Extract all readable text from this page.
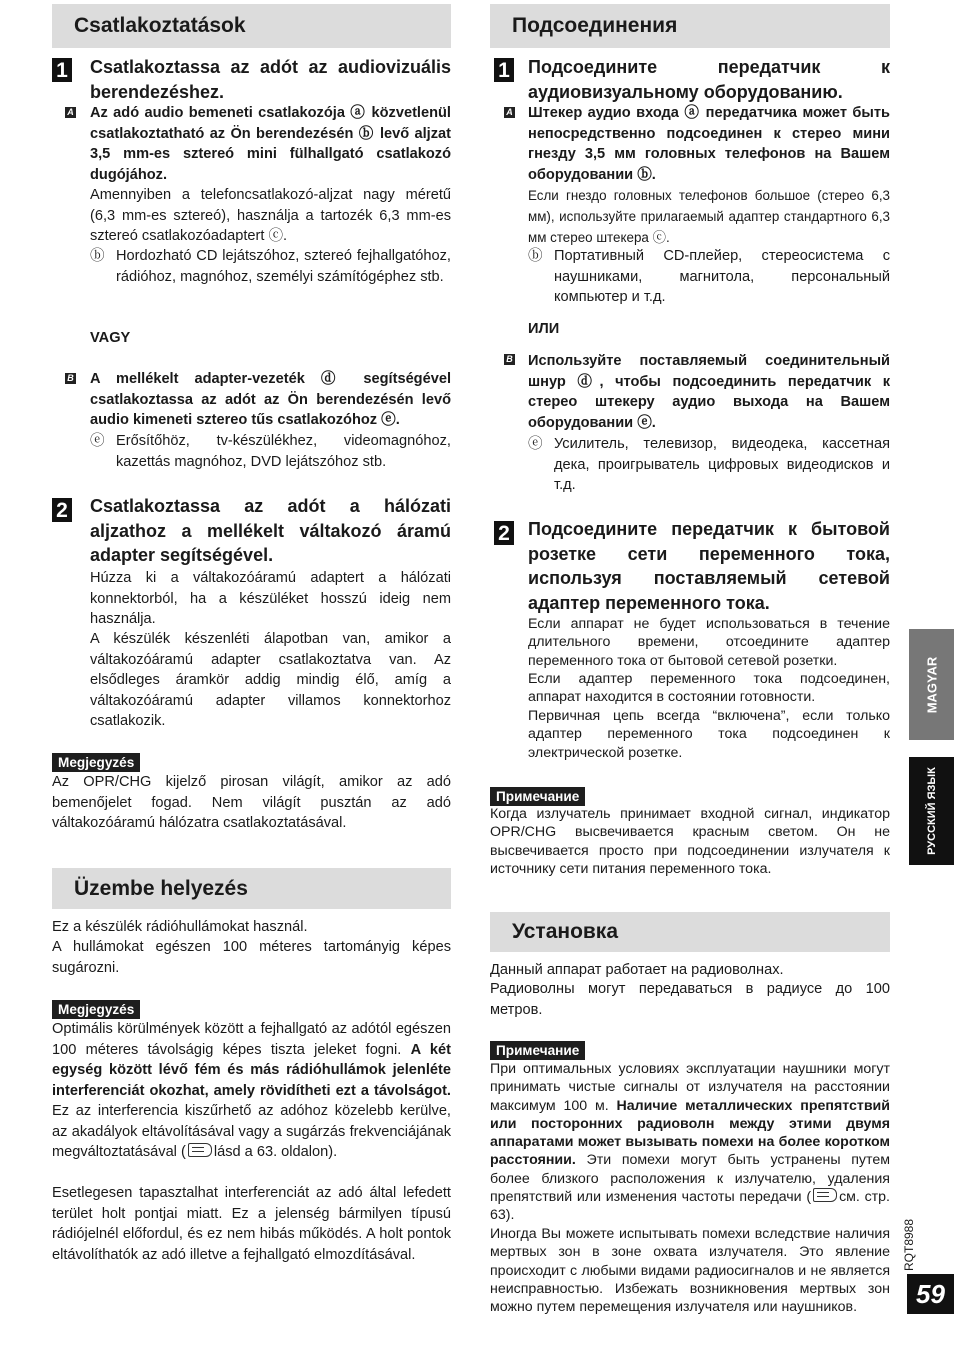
Csatlakoztatások
1 Csatlakoztassa az adót az audiovizuális berendezéshez.
A Az adó audio bemeneti csatlakozója ⓐ közvetlenül csatlakoztatható az Ön berendezésén ⓑ levő aljzat 3,5 mm-es sztereó mini fülhallgató csatlakozó dugójához.
Amennyiben a telefoncsatlakozó-aljzat nagy méretű (6,3 mm-es sztereó), használja a tartozék 6,3 mm-es sztereó csatlakozóadaptert ⓒ.
ⓑ Hordozható CD lejátszóhoz, sztereó fejhallgatóhoz, rádióhoz, magnóhoz, személyi számítógéphez stb.
VAGY
B A mellékelt adapter-vezeték ⓓ segítségével csatlakoztassa az adót az Ön berendezésén levő audio kimeneti sztereo tűs csatlakozóhoz ⓔ.
ⓔ Erősítőhöz, tv-készülékhez, videomagnóhoz, kazettás magnóhoz, DVD lejátszóhoz stb.
2 Csatlakoztassa az adót a hálózati aljzathoz a mellékelt váltakozó áramú adapter segítségével.
Húzza ki a váltakozóáramú adaptert a hálózati konnektorból, ha a készüléket hosszú ideig nem használja.
A készülék készenléti álapotban van, amikor a váltakozóáramú adapter csatlakoztatva van. Az elsődleges áramkör addig mindig élő, amíg a váltakozóáramú adapter villamos konnektorhoz csatlakozik.
Megjegyzés
Az OPR/CHG kijelző pirosan világít, amikor az adó bemenőjelet fogad. Nem világít pusztán az adó váltakozóáramú hálózatra csatlakoztatásával.
Üzembe helyezés
Ez a készülék rádióhullámokat használ.
A hullámokat egészen 100 méteres tartományig képes sugározni.
Megjegyzés
Optimális körülmények között a fejhallgató az adótól egészen 100 méteres távolságig képes tiszta jeleket fogni. A két egység között lévő fém és más rádióhullámok jelenléte interferenciát okozhat, amely rövidítheti ezt a távolságot. Ez az interferencia kiszűrhető az adóhoz közelebb kerülve, az akadályok eltávolításával vagy a sugárzás frekvenciájának megváltoztatásával ( lásd a 63. oldalon).
Esetlegesen tapasztalhat interferenciát az adó által lefedett terület holt pontjai miatt. Ez a jelenség bármilyen típusú rádiójelnél előfordul, és ez nem hibás működés. A holt pontok eltávolíthatók az adó illetve a fejhallgató elmozdításával.
Подсоединения
1 Подсоедините передатчик к аудиовизуальному оборудованию.
A Штекер аудио входа ⓐ передатчика может быть непосредственно подсоединен к стерео мини гнезду 3,5 мм головных телефонов на Вашем оборудовании ⓑ.
Если гнездо головных телефонов большое (стерео 6,3 мм), используйте прилагаемый адаптер стандартного 6,3 мм стерео штекера ⓒ.
ⓑ Портативный CD-плейер, стереосистема с наушниками, магнитола, персональный компьютер и т.д.
ИЛИ
B Используйте поставляемый соединительный шнур ⓓ, чтобы подсоединить передатчик к стерео штекеру аудио выхода на Вашем оборудовании ⓔ.
ⓔ Усилитель, телевизор, видеодека, кассетная дека, проигрыватель цифровых видеодисков и т.д.
2 Подсоедините передатчик к бытовой розетке сети переменного тока, используя поставляемый сетевой адаптер переменного тока.
Если аппарат не будет использоваться в течение длительного времени, отсоедините адаптер переменного тока от бытовой сетевой розетки.
Если адаптер переменного тока подсоединен, аппарат находится в состоянии готовности.
Первичная цепь всегда “включена”, если только адаптер переменного тока подсоединен к электрической розетке.
Примечание
Когда излучатель принимает входной сигнал, индикатор OPR/CHG высвечивается красным светом. Он не высвечивается просто при подсоединении излучателя к источнику сети питания переменного тока.
Установка
Данный аппарат работает на радиоволнах.
Радиоволны могут передаваться в радиусе до 100 метров.
Примечание
При оптимальных условиях эксплуатации наушники могут принимать чистые сигналы от излучателя на расстоянии максимум 100 м. Наличие металлических препятствий или посторонних радиоволн между этими двумя аппаратами может вызывать помехи на более коротком расстоянии. Эти помехи могут быть устранены путем более близкого расположения к излучателю, удаления препятствий или изменения частоты передачи ( см. стр. 63).
Иногда Вы можете испытывать помехи вследствие наличия мертвых зон в зоне охвата излучателя. Это явление происходит с любыми видами радиосигналов и не является неисправностью. Избежать возникновения мертвых зон можно путем перемещения излучателя или наушников.
MAGYAR
РУССКИЙ ЯЗЫК
RQT8988
59
